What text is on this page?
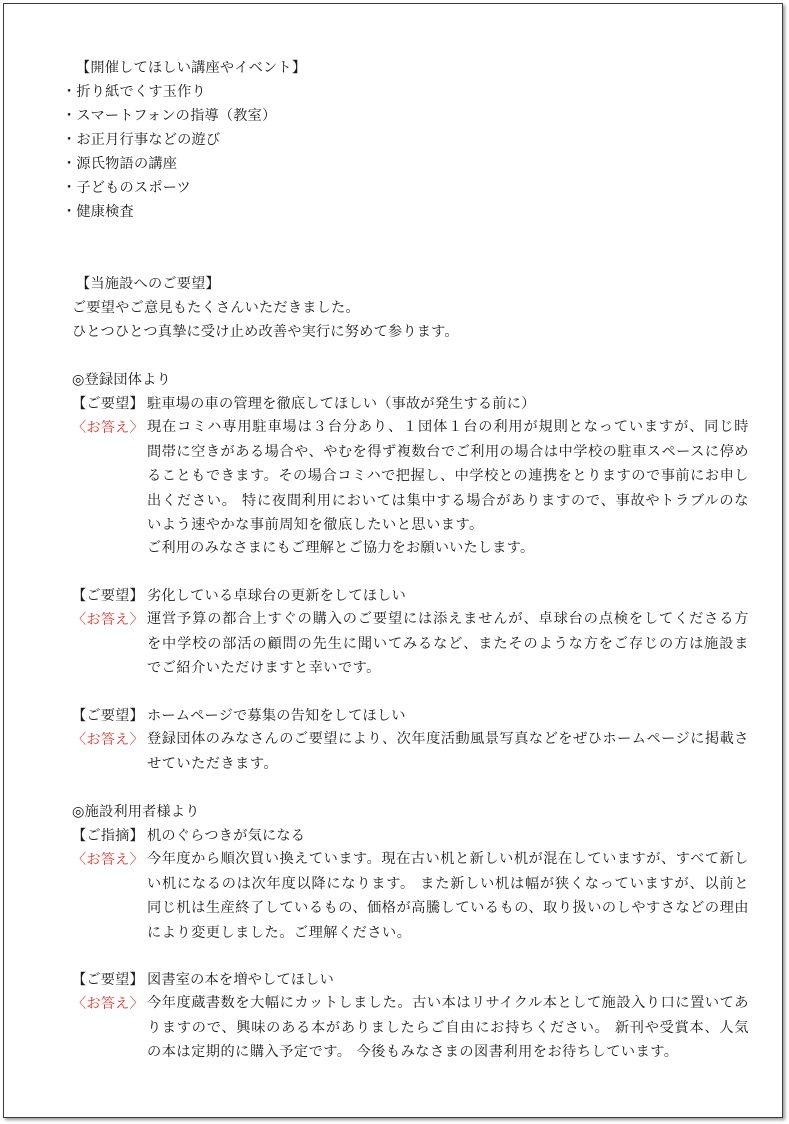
【開催してほしい講座やイベント】
・折り紙でくす玉作り
・スマートフォンの指導（教室）
・お正月行事などの遊び
・源氏物語の講座
・子どものスポーツ
・健康検査
【当施設へのご要望】
ご要望やご意見もたくさんいただきました。
ひとつひとつ真摯に受け止め改善や実行に努めて参ります。
◎登録団体より
【ご要望】 駐車場の車の管理を徹底してほしい（事故が発生する前に）
〈お答え〉 現在コミハ専用駐車場は３台分あり、１団体１台の利用が規則となっていますが、同じ時間帯に空きがある場合や、やむを得ず複数台でご利用の場合は中学校の駐車スペースに停めることもできます。その場合コミハで把握し、中学校との連携をとりますので事前にお申し出ください。 特に夜間利用においては集中する場合がありますので、事故やトラブルのないよう速やかな事前周知を徹底したいと思います。
ご利用のみなさまにもご理解とご協力をお願いいたします。
【ご要望】 劣化している卓球台の更新をしてほしい
〈お答え〉 運営予算の都合上すぐの購入のご要望には添えませんが、卓球台の点検をしてくださる方を中学校の部活の顧問の先生に聞いてみるなど、またそのような方をご存じの方は施設までご紹介いただけますと幸いです。
【ご要望】 ホームページで募集の告知をしてほしい
〈お答え〉 登録団体のみなさんのご要望により、次年度活動風景写真などをぜひホームページに掲載させていただきます。
◎施設利用者様より
【ご指摘】 机のぐらつきが気になる
〈お答え〉 今年度から順次買い換えています。現在古い机と新しい机が混在していますが、すべて新しい机になるのは次年度以降になります。 また新しい机は幅が狭くなっていますが、以前と同じ机は生産終了しているもの、価格が高騰しているもの、取り扱いのしやすさなどの理由により変更しました。ご理解ください。
【ご要望】 図書室の本を増やしてほしい
〈お答え〉 今年度蔵書数を大幅にカットしました。古い本はリサイクル本として施設入り口に置いてありますので、興味のある本がありましたらご自由にお持ちください。 新刊や受賞本、人気の本は定期的に購入予定です。 今後もみなさまの図書利用をお待ちしています。
